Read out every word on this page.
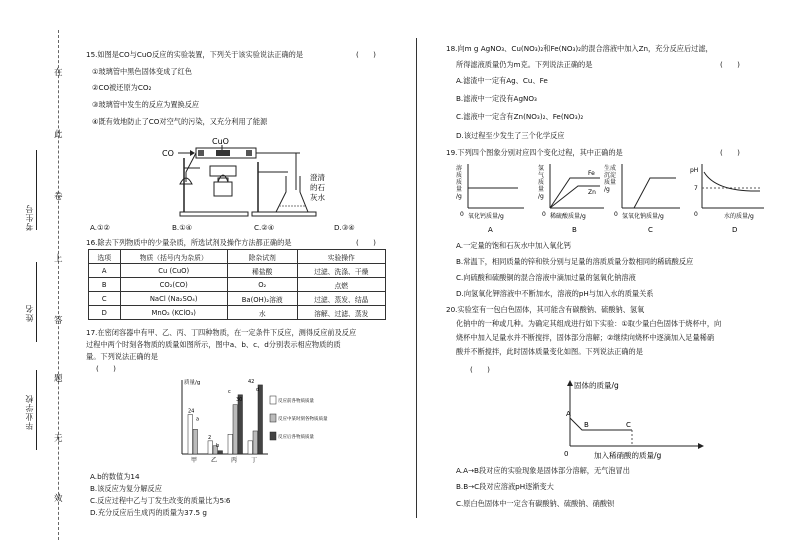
在
此
卷
上
答
题
无
效
考生号
姓名
毕业学校
15.如图是CO与CuO反应的实验装置，下列关于该实验说法正确的是	(　　)
①玻璃管中黑色固体变成了红色
②CO被还原为CO₂
③玻璃管中发生的反应为置换反应
④既有效地防止了CO对空气的污染，又充分利用了能源
CO
CuO
澄清
的石
灰水
A.①②	B.①④	C.②④	D.③④
16.除去下列物质中的少量杂质，所选试剂及操作方法都正确的是	(　　)
选项	物质（括号内为杂质）	除杂试剂	实验操作
A	Cu (CuO)	稀盐酸	过滤、洗涤、干燥
B	CO₂(CO)	O₂	点燃
C	NaCl (Na₂SO₄)	Ba(OH)₂溶液	过滤、蒸发、结晶
D	MnO₂ (KClO₃)	水	溶解、过滤、蒸发
17.在密闭容器中有甲、乙、丙、丁四种物质，在一定条件下反应，测得反应前及反应
过程中两个时刻各物质的质量如图所示，图中a、b、c、d分别表示相应物质的质
量。下列说法正确的是
(　　)
质量/g
24
a
甲
2
b
乙
c
30
丙
42
d
丁
反应前各物质质量
反应中某时刻各物质质量
反应后各物质质量
A.b的数值为14
B.该反应为复分解反应
C.反应过程中乙与丁发生改变的质量比为5∶6
D.充分反应后生成丙的质量为37.5 g
18.向m g AgNO₃、Cu(NO₃)₂和Fe(NO₃)₂的混合溶液中加入Zn，充分反应后过滤，
所得滤液质量仍为m克。下列说法正确的是	(　　)
A.滤渣中一定有Ag、Cu、Fe
B.滤液中一定没有AgNO₃
C.滤液中一定含有Zn(NO₃)₂、Fe(NO₃)₂
D.该过程至少发生了三个化学反应
19.下列四个图象分别对应四个变化过程，其中正确的是	(　　)
溶
质
质
量
/g
0 氧化钙质量/g
A
氢
气
质
量
/g
Fe
Zn
0 稀硫酸质量/g
B
生成
沉淀
质量
/g
0 氢氧化钠质量/g
C
pH
7
0	水的质量/g
D
A.一定量的饱和石灰水中加入氧化钙
B.常温下，相同质量的锌和铁分别与足量的溶质质量分数相同的稀硫酸反应
C.向硫酸和硫酸铜的混合溶液中滴加过量的氢氧化钠溶液
D.向氢氧化钾溶液中不断加水，溶液的pH与加入水的质量关系
20.实验室有一包白色固体，其可能含有碳酸钠、硫酸钠、氢氧
化钠中的一种或几种。为确定其组成进行如下实验：①取少量白色固体于烧杯中，向
烧杯中加入足量水并不断搅拌，固体部分溶解；②继续向烧杯中逐滴加入足量稀硝
酸并不断搅拌，此时固体质量变化如图。下列说法正确的是
(　　)
固体的质量/g
A
B	C
0	加入稀硝酸的质量/g
A.A→B段对应的实验现象是固体部分溶解，无气泡冒出
B.B→C段对应溶液pH逐渐变大
C.原白色固体中一定含有碳酸钠、硫酸钠、硝酸钡
